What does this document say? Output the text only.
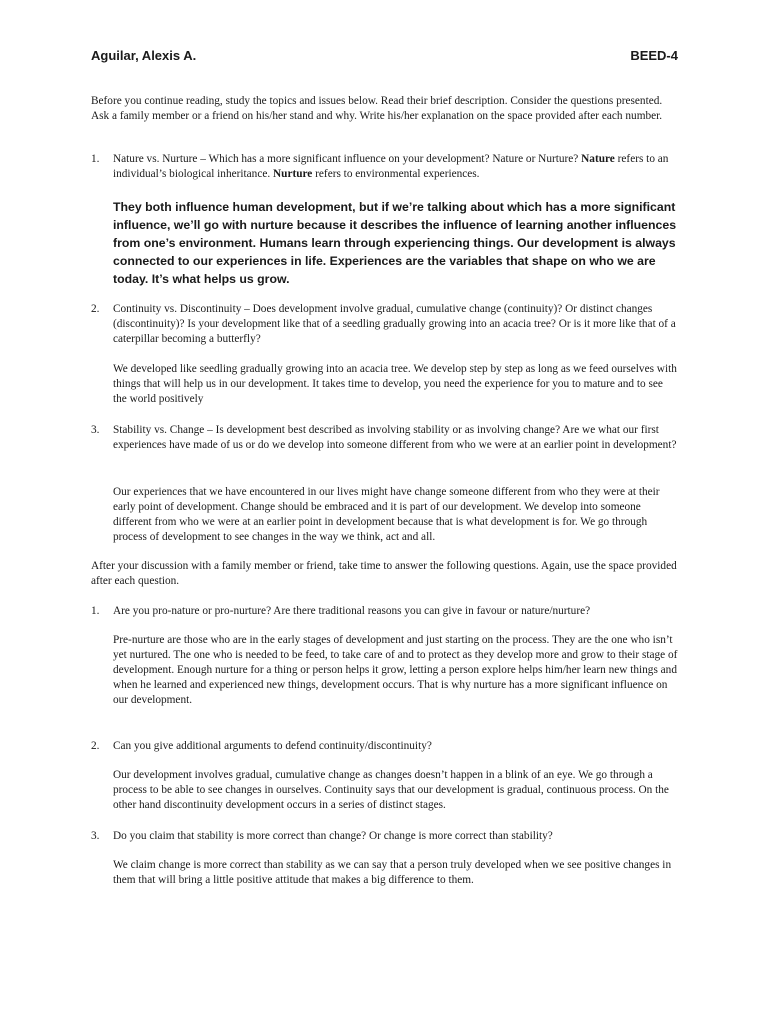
Aguilar, Alexis A.	BEED-4

Before you continue reading, study the topics and issues below. Read their brief description. Consider the questions presented. Ask a family member or a friend on his/her stand and why. Write his/her explanation on the space provided after each number.

1. Nature vs. Nurture – Which has a more significant influence on your development? Nature or Nurture? Nature refers to an individual’s biological inheritance. Nurture refers to environmental experiences.

They both influence human development, but if we’re talking about which has a more significant influence, we’ll go with nurture because it describes the influence of learning another influences from one’s environment. Humans learn through experiencing things. Our development is always connected to our experiences in life. Experiences are the variables that shape on who we are today. It’s what helps us grow.

2. Continuity vs. Discontinuity – Does development involve gradual, cumulative change (continuity)? Or distinct changes (discontinuity)? Is your development like that of a seedling gradually growing into an acacia tree? Or is it more like that of a caterpillar becoming a butterfly?

We developed like seedling gradually growing into an acacia tree. We develop step by step as long as we feed ourselves with things that will help us in our development. It takes time to develop, you need the experience for you to mature and to see the world positively

3. Stability vs. Change – Is development best described as involving stability or as involving change? Are we what our first experiences have made of us or do we develop into someone different from who we were at an earlier point in development?

Our experiences that we have encountered in our lives might have change someone different from who they were at their early point of development. Change should be embraced and it is part of our development. We develop into someone different from who we were at an earlier point in development because that is what development is for. We go through process of development to see changes in the way we think, act and all.

After your discussion with a family member or friend, take time to answer the following questions. Again, use the space provided after each question.

1. Are you pro-nature or pro-nurture? Are there traditional reasons you can give in favour or nature/nurture?

Pre-nurture are those who are in the early stages of development and just starting on the process. They are the one who isn’t yet nurtured. The one who is needed to be feed, to take care of and to protect as they develop more and grow to their stage of development. Enough nurture for a thing or person helps it grow, letting a person explore helps him/her learn new things and when he learned and experienced new things, development occurs. That is why nurture has a more significant influence on our development.

2. Can you give additional arguments to defend continuity/discontinuity?

Our development involves gradual, cumulative change as changes doesn’t happen in a blink of an eye. We go through a process to be able to see changes in ourselves. Continuity says that our development is gradual, continuous process. On the other hand discontinuity development occurs in a series of distinct stages.

3. Do you claim that stability is more correct than change? Or change is more correct than stability?

We claim change is more correct than stability as we can say that a person truly developed when we see positive changes in them that will bring a little positive attitude that makes a big difference to them.
